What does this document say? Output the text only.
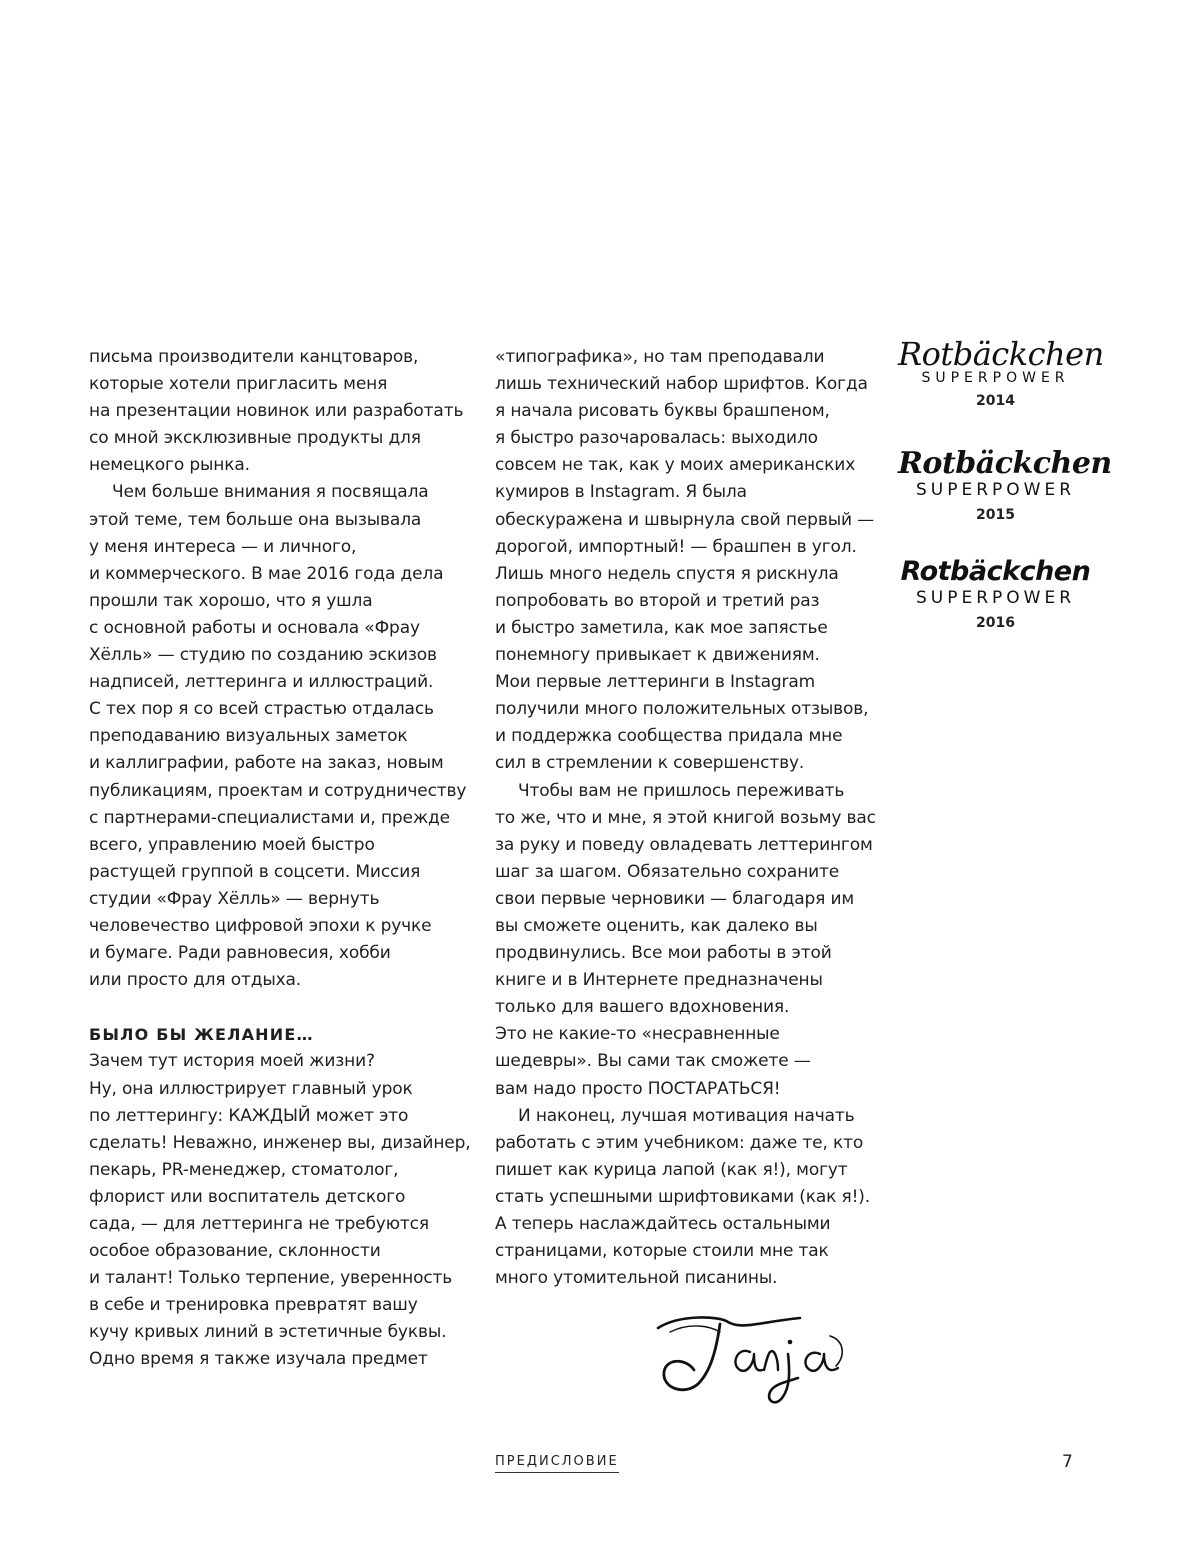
письма производители канцтоваров,
которые хотели пригласить меня
на презентации новинок или разработать
со мной эксклюзивные продукты для
немецкого рынка.
Чем больше внимания я посвящала
этой теме, тем больше она вызывала
у меня интереса — и личного,
и коммерческого. В мае 2016 года дела
прошли так хорошо, что я ушла
с основной работы и основала «Фрау
Хёлль» — студию по созданию эскизов
надписей, леттеринга и иллюстраций.
С тех пор я со всей страстью отдалась
преподаванию визуальных заметок
и каллиграфии, работе на заказ, новым
публикациям, проектам и сотрудничеству
с партнерами-специалистами и, прежде
всего, управлению моей быстро
растущей группой в соцсети. Миссия
студии «Фрау Хёлль» — вернуть
человечество цифровой эпохи к ручке
и бумаге. Ради равновесия, хобби
или просто для отдыха.
БЫЛО БЫ ЖЕЛАНИЕ…
Зачем тут история моей жизни?
Ну, она иллюстрирует главный урок
по леттерингу: КАЖДЫЙ может это
сделать! Неважно, инженер вы, дизайнер,
пекарь, PR-менеджер, стоматолог,
флорист или воспитатель детского
сада, — для леттеринга не требуются
особое образование, склонности
и талант! Только терпение, уверенность
в себе и тренировка превратят вашу
кучу кривых линий в эстетичные буквы.
Одно время я также изучала предмет
«типографика», но там преподавали
лишь технический набор шрифтов. Когда
я начала рисовать буквы брашпеном,
я быстро разочаровалась: выходило
совсем не так, как у моих американских
кумиров в Instagram. Я была
обескуражена и швырнула свой первый —
дорогой, импортный! — брашпен в угол.
Лишь много недель спустя я рискнула
попробовать во второй и третий раз
и быстро заметила, как мое запястье
понемногу привыкает к движениям.
Мои первые леттеринги в Instagram
получили много положительных отзывов,
и поддержка сообщества придала мне
сил в стремлении к совершенству.
Чтобы вам не пришлось переживать
то же, что и мне, я этой книгой возьму вас
за руку и поведу овладевать леттерингом
шаг за шагом. Обязательно сохраните
свои первые черновики — благодаря им
вы сможете оценить, как далеко вы
продвинулись. Все мои работы в этой
книге и в Интернете предназначены
только для вашего вдохновения.
Это не какие-то «несравненные
шедевры». Вы сами так сможете —
вам надо просто ПОСТАРАТЬСЯ!
И наконец, лучшая мотивация начать
работать с этим учебником: даже те, кто
пишет как курица лапой (как я!), могут
стать успешными шрифтовиками (как я!).
А теперь наслаждайтесь остальными
страницами, которые стоили мне так
много утомительной писанины.
Rotbäckchen
SUPERPOWER
2014
Rotbäckchen
SUPERPOWER
2015
Rotbäckchen
SUPERPOWER
2016
Tanja
ПРЕДИСЛОВИЕ	7
